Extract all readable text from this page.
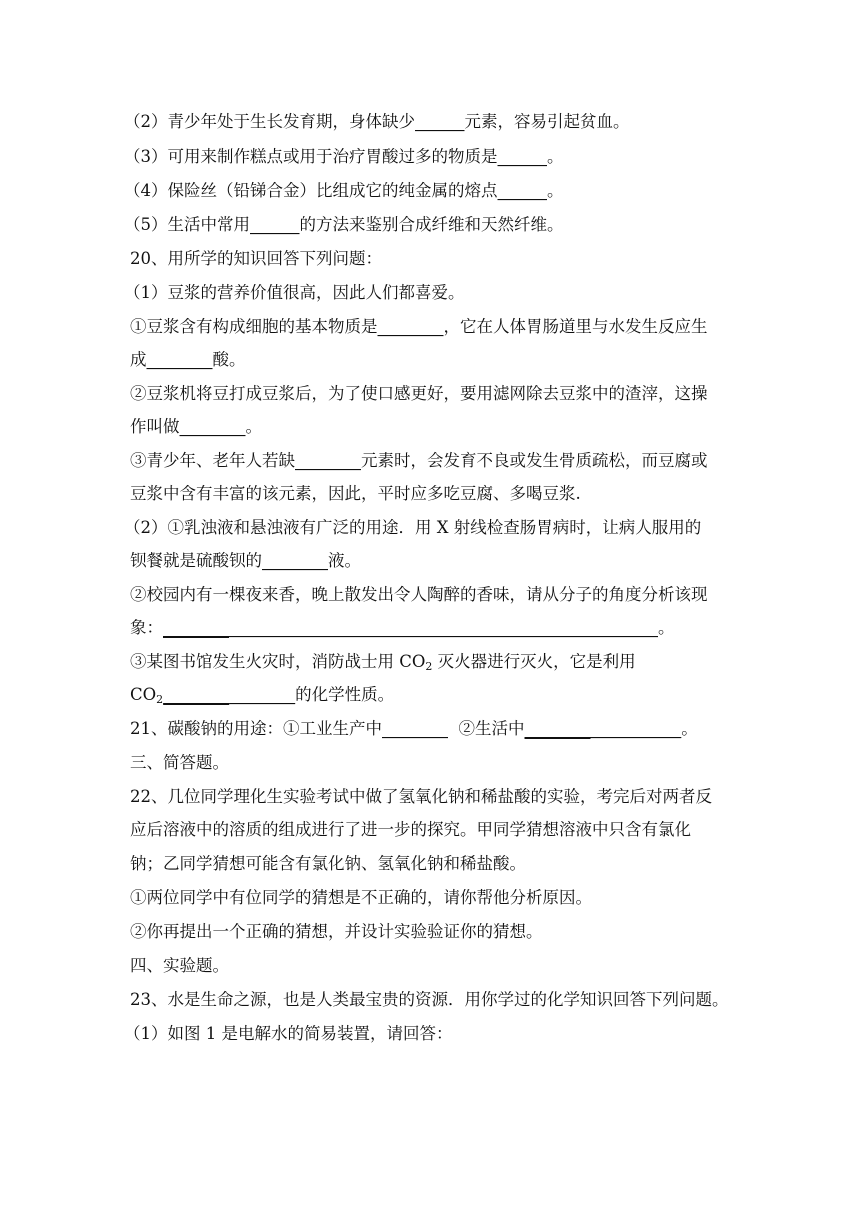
（2）青少年处于生长发育期，身体缺少______元素，容易引起贫血。
（3）可用来制作糕点或用于治疗胃酸过多的物质是______。
（4）保险丝（铅锑合金）比组成它的纯金属的熔点______。
（5）生活中常用______的方法来鉴别合成纤维和天然纤维。
20、用所学的知识回答下列问题：
（1）豆浆的营养价值很高，因此人们都喜爱。
①豆浆含有构成细胞的基本物质是________，它在人体胃肠道里与水发生反应生
成________酸。
②豆浆机将豆打成豆浆后，为了使口感更好，要用滤网除去豆浆中的渣滓，这操
作叫做________。
③青少年、老年人若缺________元素时，会发育不良或发生骨质疏松，而豆腐或
豆浆中含有丰富的该元素，因此，平时应多吃豆腐、多喝豆浆.
（2）①乳浊液和悬浊液有广泛的用途．用 X 射线检查肠胃病时，让病人服用的
钡餐就是硫酸钡的________液。
②校园内有一棵夜来香，晚上散发出令人陶醉的香味，请从分子的角度分析该现
象：____________________________________________________________。
③某图书馆发生火灾时，消防战士用 $CO_2$ 灭火器进行灭火，它是利用
$CO_2\_\_\_\_\_\_\_\_\_\_\_\_\_\_\_\_$的化学性质。
21、碳酸钠的用途：①工业生产中________  ②生活中___________________。
三、简答题。
22、几位同学理化生实验考试中做了氢氧化钠和稀盐酸的实验，考完后对两者反
应后溶液中的溶质的组成进行了进一步的探究。甲同学猜想溶液中只含有氯化
钠；乙同学猜想可能含有氯化钠、氢氧化钠和稀盐酸。
①两位同学中有位同学的猜想是不正确的，请你帮他分析原因。
②你再提出一个正确的猜想，并设计实验验证你的猜想。
四、实验题。
23、水是生命之源，也是人类最宝贵的资源．用你学过的化学知识回答下列问题。
（1）如图 1 是电解水的简易装置，请回答：
